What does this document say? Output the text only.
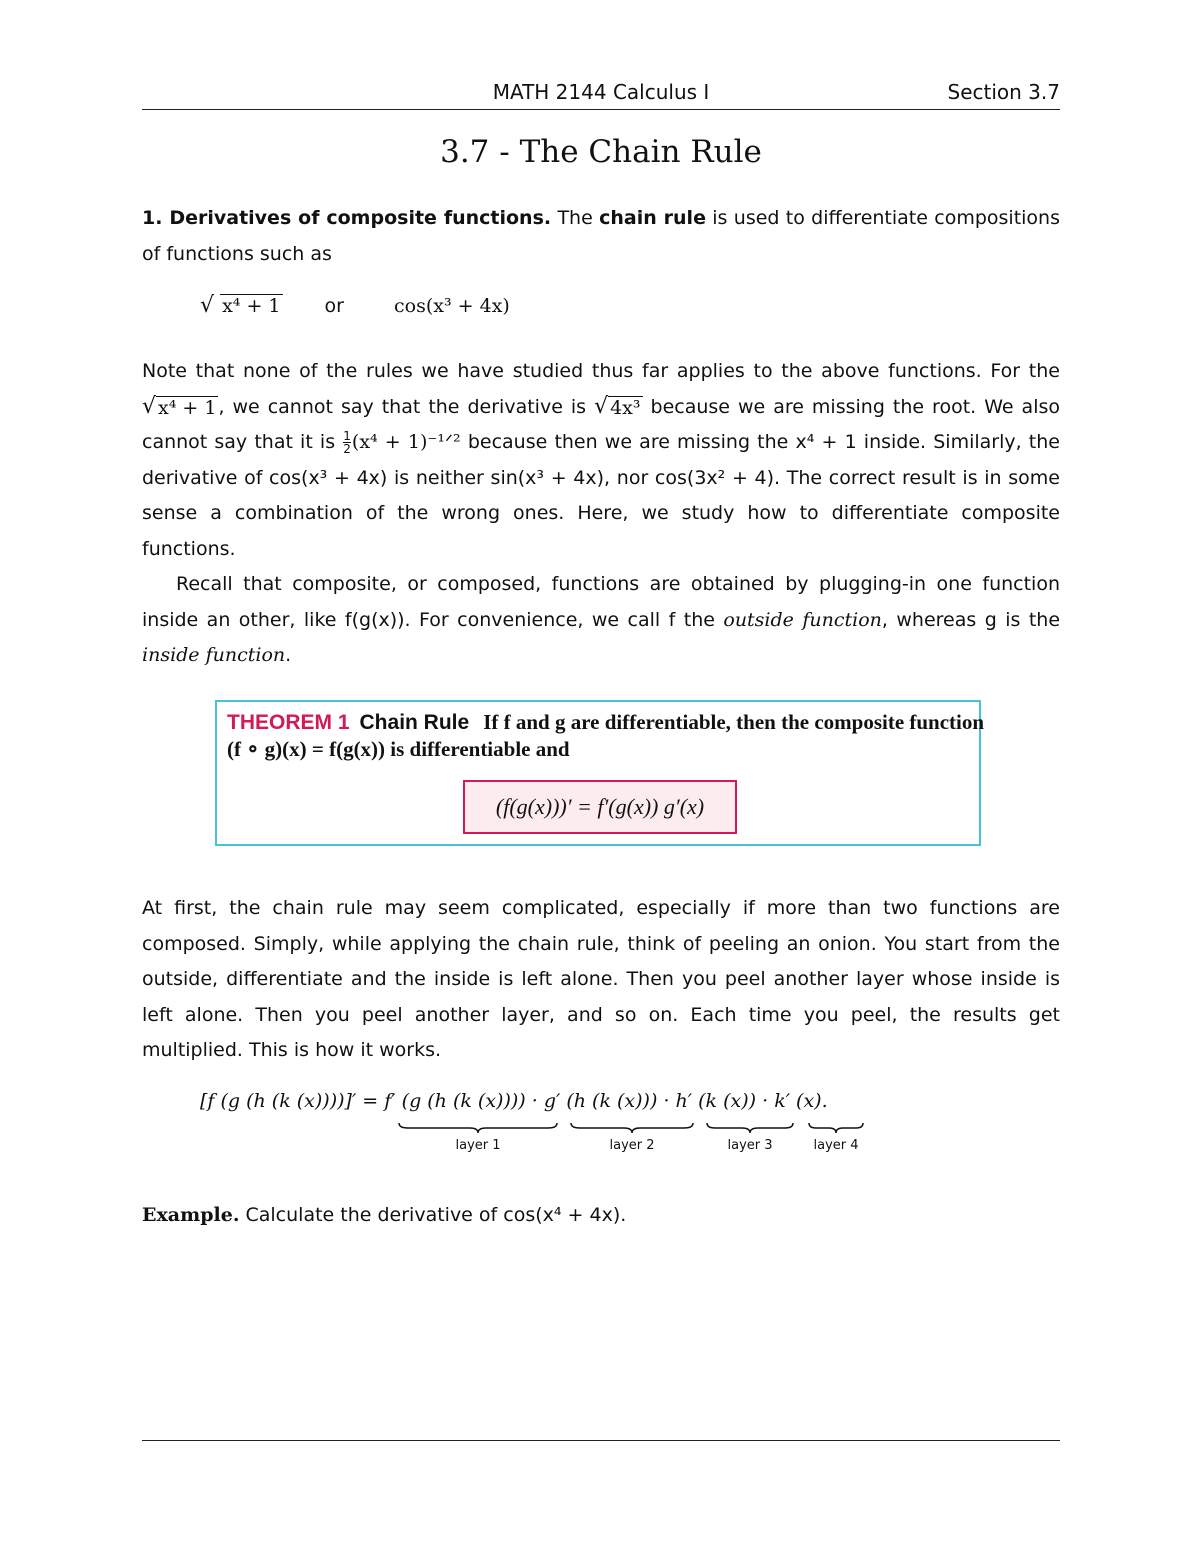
MATH 2144 Calculus I	Section 3.7
3.7 - The Chain Rule
1. Derivatives of composite functions. The chain rule is used to differentiate compositions of functions such as
√ x⁴ + 1 or	cos(x³ + 4x)
Note that none of the rules we have studied thus far applies to the above functions. For the
√ x⁴ + 1 , we cannot say that the derivative is √ 4x³ because we are missing the root. We also cannot say that it is $\frac{1}{2} (x^4$ + 1)⁻¹ᐟ² because then we are missing the x⁴ + 1 inside. Similarly, the derivative of cos(x³ + 4x) is neither sin(x³ + 4x), nor cos(3x² + 4). The correct result is in some sense a combination of the wrong ones. Here, we study how to differentiate composite functions.
Recall that composite, or composed, functions are obtained by plugging-in one function inside an other, like f(g(x)). For convenience, we call f the outside function, whereas g is the inside function.
THEOREM 1 Chain Rule If f and g are differentiable, then the composite function
(f ∘ g)(x) = f(g(x)) is differentiable and
(f(g(x)))′ = f′(g(x)) g′(x)
At first, the chain rule may seem complicated, especially if more than two functions are composed. Simply, while applying the chain rule, think of peeling an onion. You start from the outside, differentiate and the inside is left alone. Then you peel another layer whose inside is left alone. Then you peel another layer, and so on. Each time you peel, the results get multiplied. This is how it works.
[f (g (h (k (x))))]′ = f′ (g (h (k (x)))) · g′ (h (k (x))) · h′ (k (x)) · k′ (x).
layer 1	layer 2	layer 3	layer 4
Example. Calculate the derivative of cos(x⁴ + 4x).
